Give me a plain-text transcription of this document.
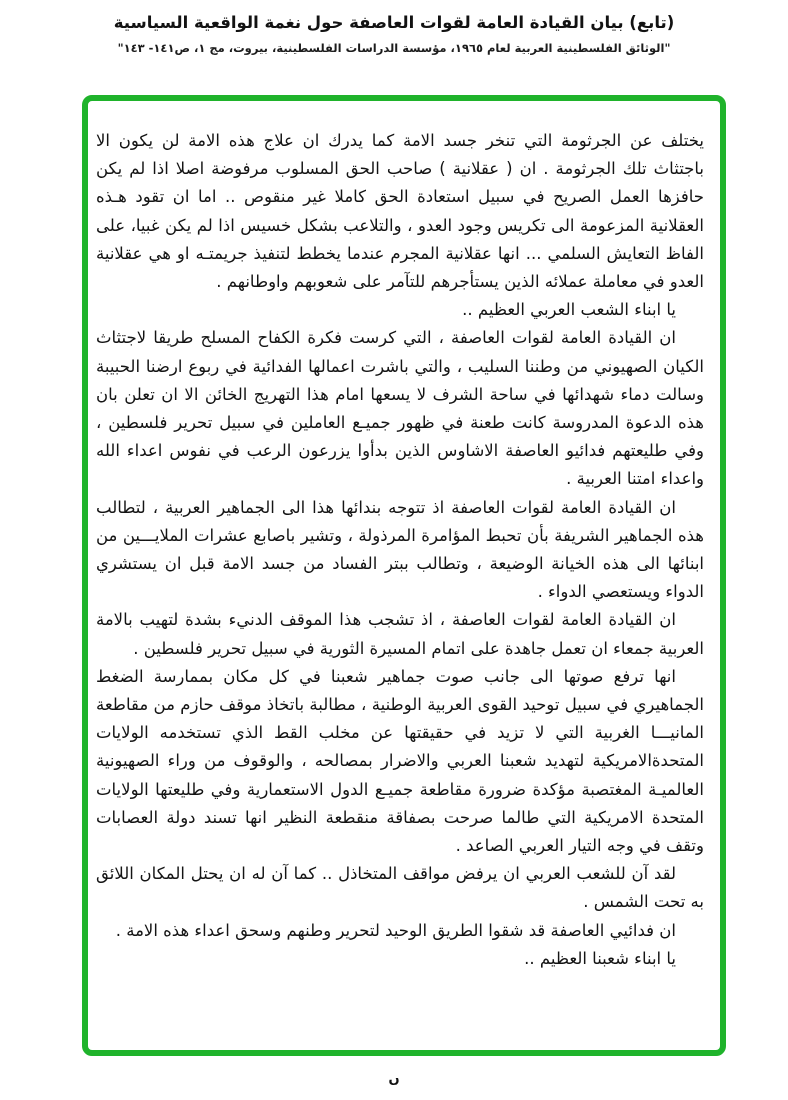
(تابع) بيان القيادة العامة لقوات العاصفة حول نغمة الواقعية السياسية
"الوثائق الفلسطينية العربية لعام ١٩٦٥، مؤسسة الدراسات الفلسطينية، بيروت، مج ١، ص١٤١- ١٤٣"

يختلف عن الجرثومة التي تنخر جسد الامة كما يدرك ان علاج هذه الامة لن يكون الا باجتثاث تلك الجرثومة . ان ( عقلانية ) صاحب الحق المسلوب مرفوضة اصلا اذا لم يكن حافزها العمل الصريح في سبيل استعادة الحق كاملا غير منقوص .. اما ان تقود هـذه العقلانية المزعومة الى تكريس وجود العدو ، والتلاعب بشكل خسيس اذا لم يكن غبيا، على الفاظ التعايش السلمي ... انها عقلانية المجرم عندما يخطط لتنفيذ جريمتـه او هي عقلانية العدو في معاملة عملائه الذين يستأجرهم للتآمر على شعوبهم واوطانهم .

يا ابناء الشعب العربي العظيم ..

ان القيادة العامة لقوات العاصفة ، التي كرست فكرة الكفاح المسلح طريقا لاجتثاث الكيان الصهيوني من وطننا السليب ، والتي باشرت اعمالها الفدائية في ربوع ارضنا الحبيبة وسالت دماء شهدائها في ساحة الشرف لا يسعها امام هذا التهريج الخائن الا ان تعلن بان هذه الدعوة المدروسة كانت طعنة في ظهور جميـع العاملين في سبيل تحرير فلسطين ، وفي طليعتهم فدائيو العاصفة الاشاوس الذين بدأوا يزرعون الرعب في نفوس اعداء الله واعداء امتنا العربية .

ان القيادة العامة لقوات العاصفة اذ تتوجه بندائها هذا الى الجماهير العربية ، لتطالب هذه الجماهير الشريفة بأن تحبط المؤامرة المرذولة ، وتشير باصابع عشرات الملايـــين من ابنائها الى هذه الخيانة الوضيعة ، وتطالب ببتر الفساد من جسد الامة قبل ان يستشري الدواء ويستعصي الدواء .

ان القيادة العامة لقوات العاصفة ، اذ تشجب هذا الموقف الدنيء بشدة لتهيب بالامة العربية جمعاء ان تعمل جاهدة على اتمام المسيرة الثورية في سبيل تحرير فلسطين .

انها ترفع صوتها الى جانب صوت جماهير شعبنا في كل مكان بممارسة الضغط الجماهيري في سبيل توحيد القوى العربية الوطنية ، مطالبة باتخاذ موقف حازم من مقاطعة المانيـــا الغربية التي لا تزيد في حقيقتها عن مخلب القط الذي تستخدمه الولايات المتحدةالامريكية لتهديد شعبنا العربي والاضرار بمصالحه ، والوقوف من وراء الصهيونية العالميـة المغتصبة مؤكدة ضرورة مقاطعة جميـع الدول الاستعمارية وفي طليعتها الولايات المتحدة الامريكية التي طالما صرحت بصفاقة منقطعة النظير انها تسند دولة العصابات وتقف في وجه التيار العربي الصاعد .

لقد آن للشعب العربي ان يرفض مواقف المتخاذل .. كما آن له ان يحتل المكان اللائق به تحت الشمس .

ان فدائيي العاصفة قد شقوا الطريق الوحيد لتحرير وطنهم وسحق اعداء هذه الامة .

يا ابناء شعبنا العظيم ..

ں
